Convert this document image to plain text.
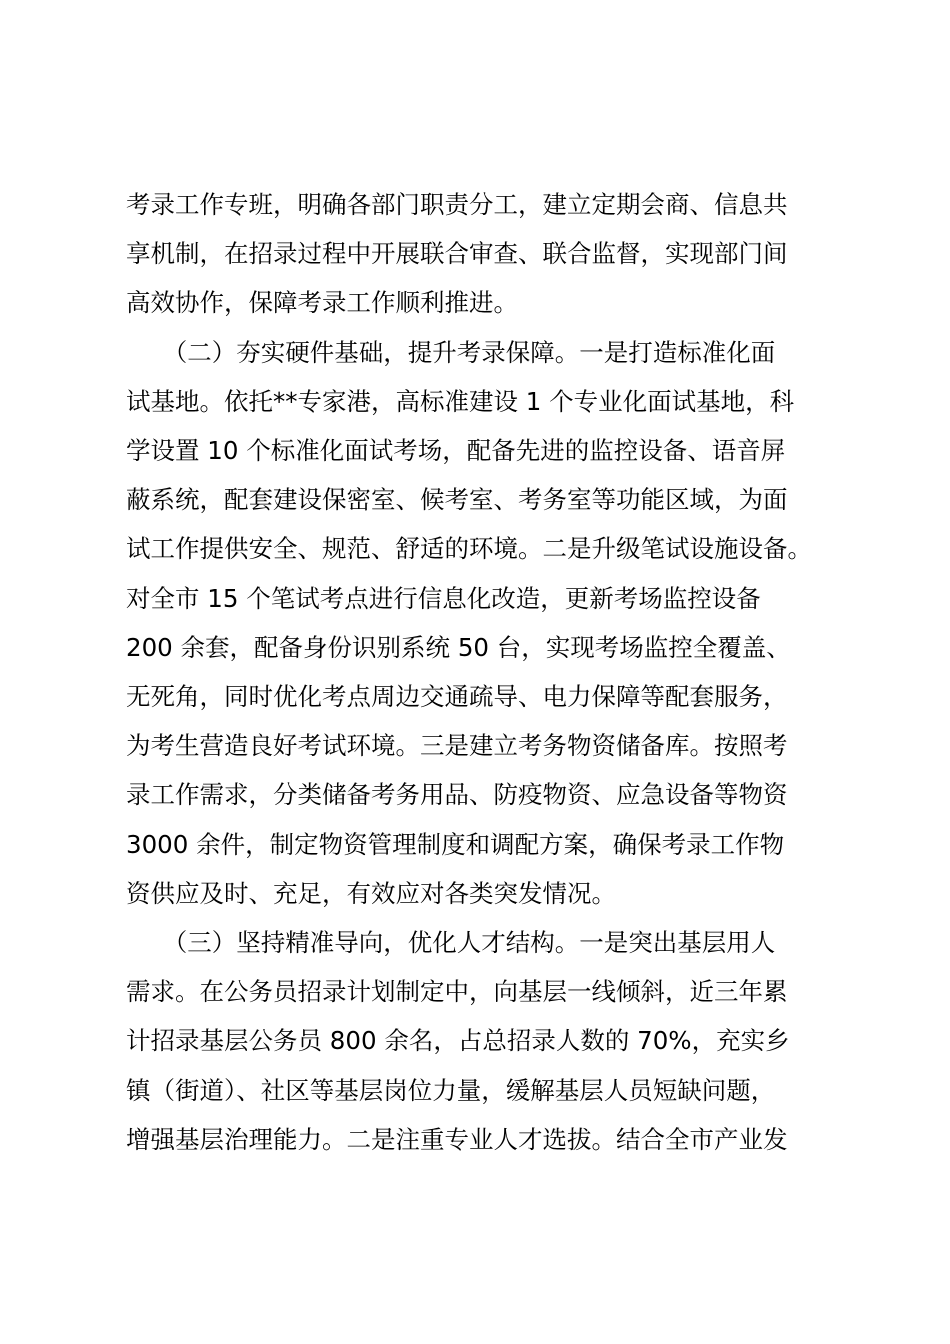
考录工作专班，明确各部门职责分工，建立定期会商、信息共
享机制，在招录过程中开展联合审查、联合监督，实现部门间
高效协作，保障考录工作顺利推进。
　　（二）夯实硬件基础，提升考录保障。一是打造标准化面
试基地。依托**专家港，高标准建设 1 个专业化面试基地，科
学设置 10 个标准化面试考场，配备先进的监控设备、语音屏
蔽系统，配套建设保密室、候考室、考务室等功能区域，为面
试工作提供安全、规范、舒适的环境。二是升级笔试设施设备。
对全市 15 个笔试考点进行信息化改造，更新考场监控设备
200 余套，配备身份识别系统 50 台，实现考场监控全覆盖、
无死角，同时优化考点周边交通疏导、电力保障等配套服务，
为考生营造良好考试环境。三是建立考务物资储备库。按照考
录工作需求，分类储备考务用品、防疫物资、应急设备等物资
3000 余件，制定物资管理制度和调配方案，确保考录工作物
资供应及时、充足，有效应对各类突发情况。
　　（三）坚持精准导向，优化人才结构。一是突出基层用人
需求。在公务员招录计划制定中，向基层一线倾斜，近三年累
计招录基层公务员 800 余名，占总招录人数的 70%，充实乡
镇（街道）、社区等基层岗位力量，缓解基层人员短缺问题，
增强基层治理能力。二是注重专业人才选拔。结合全市产业发
